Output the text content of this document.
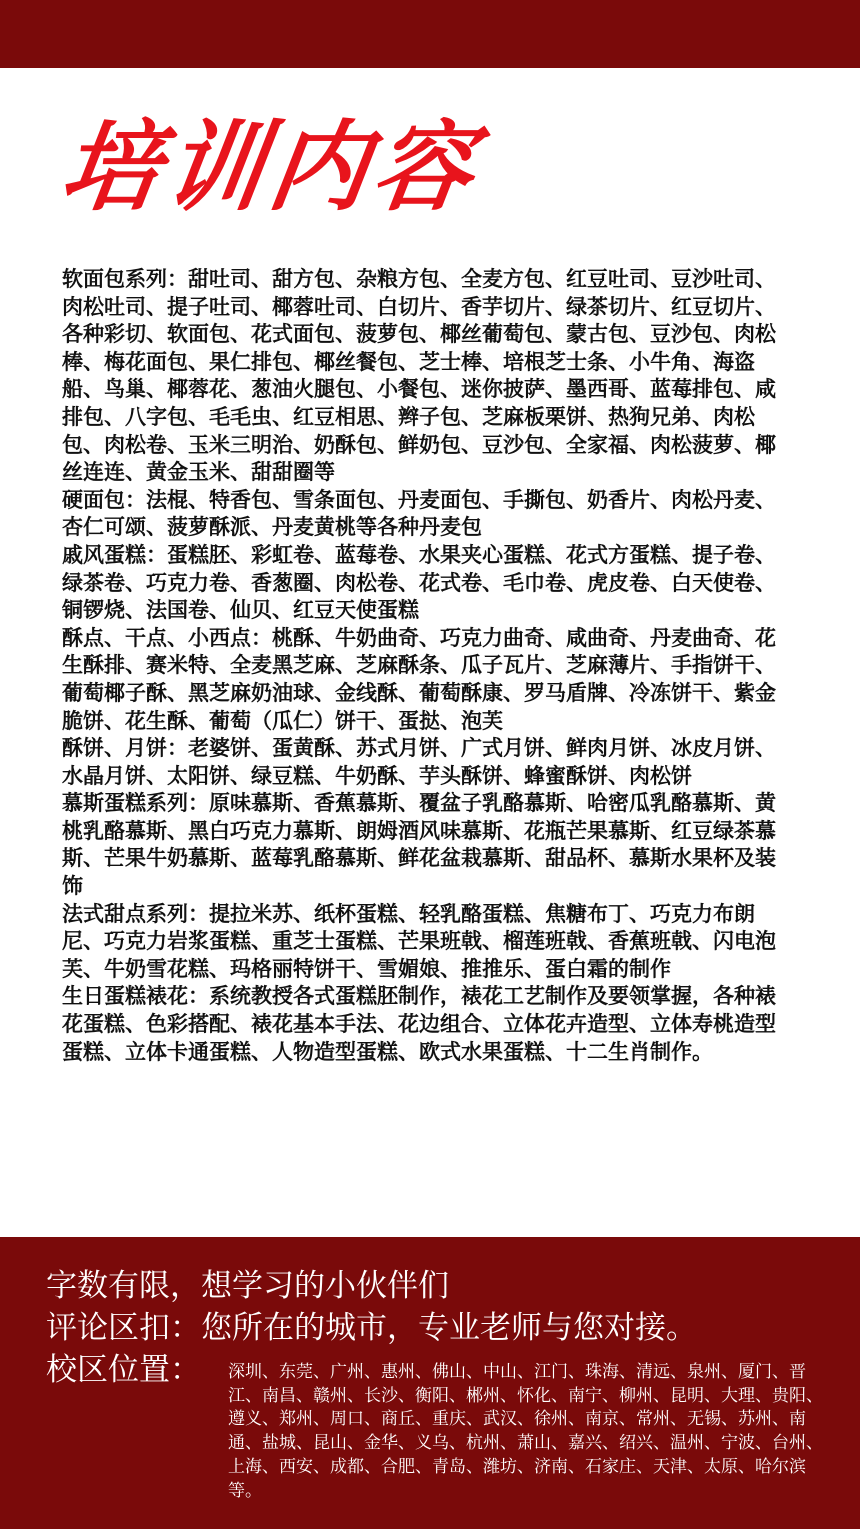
培训内容

软面包系列：甜吐司、甜方包、杂粮方包、全麦方包、红豆吐司、豆沙吐司、肉松吐司、提子吐司、椰蓉吐司、白切片、香芋切片、绿茶切片、红豆切片、各种彩切、软面包、花式面包、菠萝包、椰丝葡萄包、蒙古包、豆沙包、肉松棒、梅花面包、果仁排包、椰丝餐包、芝士棒、培根芝士条、小牛角、海盗船、鸟巢、椰蓉花、葱油火腿包、小餐包、迷你披萨、墨西哥、蓝莓排包、咸排包、八字包、毛毛虫、红豆相思、辫子包、芝麻板栗饼、热狗兄弟、肉松包、肉松卷、玉米三明治、奶酥包、鲜奶包、豆沙包、全家福、肉松菠萝、椰丝连连、黄金玉米、甜甜圈等

硬面包：法棍、特香包、雪条面包、丹麦面包、手撕包、奶香片、肉松丹麦、杏仁可颂、菠萝酥派、丹麦黄桃等各种丹麦包

戚风蛋糕：蛋糕胚、彩虹卷、蓝莓卷、水果夹心蛋糕、花式方蛋糕、提子卷、绿茶卷、巧克力卷、香葱圈、肉松卷、花式卷、毛巾卷、虎皮卷、白天使卷、铜锣烧、法国卷、仙贝、红豆天使蛋糕

酥点、干点、小西点：桃酥、牛奶曲奇、巧克力曲奇、咸曲奇、丹麦曲奇、花生酥排、赛米特、全麦黑芝麻、芝麻酥条、瓜子瓦片、芝麻薄片、手指饼干、葡萄椰子酥、黑芝麻奶油球、金线酥、葡萄酥康、罗马盾牌、冷冻饼干、紫金脆饼、花生酥、葡萄（瓜仁）饼干、蛋挞、泡芙

酥饼、月饼：老婆饼、蛋黄酥、苏式月饼、广式月饼、鲜肉月饼、冰皮月饼、水晶月饼、太阳饼、绿豆糕、牛奶酥、芋头酥饼、蜂蜜酥饼、肉松饼

慕斯蛋糕系列：原味慕斯、香蕉慕斯、覆盆子乳酪慕斯、哈密瓜乳酪慕斯、黄桃乳酪慕斯、黑白巧克力慕斯、朗姆酒风味慕斯、花瓶芒果慕斯、红豆绿茶慕斯、芒果牛奶慕斯、蓝莓乳酪慕斯、鲜花盆栽慕斯、甜品杯、慕斯水果杯及装饰

法式甜点系列：提拉米苏、纸杯蛋糕、轻乳酪蛋糕、焦糖布丁、巧克力布朗尼、巧克力岩浆蛋糕、重芝士蛋糕、芒果班戟、榴莲班戟、香蕉班戟、闪电泡芙、牛奶雪花糕、玛格丽特饼干、雪媚娘、推推乐、蛋白霜的制作

生日蛋糕裱花：系统教授各式蛋糕胚制作，裱花工艺制作及要领掌握，各种裱花蛋糕、色彩搭配、裱花基本手法、花边组合、立体花卉造型、立体寿桃造型蛋糕、立体卡通蛋糕、人物造型蛋糕、欧式水果蛋糕、十二生肖制作。

字数有限，想学习的小伙伴们
评论区扣：您所在的城市，专业老师与您对接。
校区位置： 深圳、东莞、广州、惠州、佛山、中山、江门、珠海、清远、泉州、厦门、晋江、南昌、赣州、长沙、衡阳、郴州、怀化、南宁、柳州、昆明、大理、贵阳、遵义、郑州、周口、商丘、重庆、武汉、徐州、南京、常州、无锡、苏州、南通、盐城、昆山、金华、义乌、杭州、萧山、嘉兴、绍兴、温州、宁波、台州、上海、西安、成都、合肥、青岛、潍坊、济南、石家庄、天津、太原、哈尔滨等。
